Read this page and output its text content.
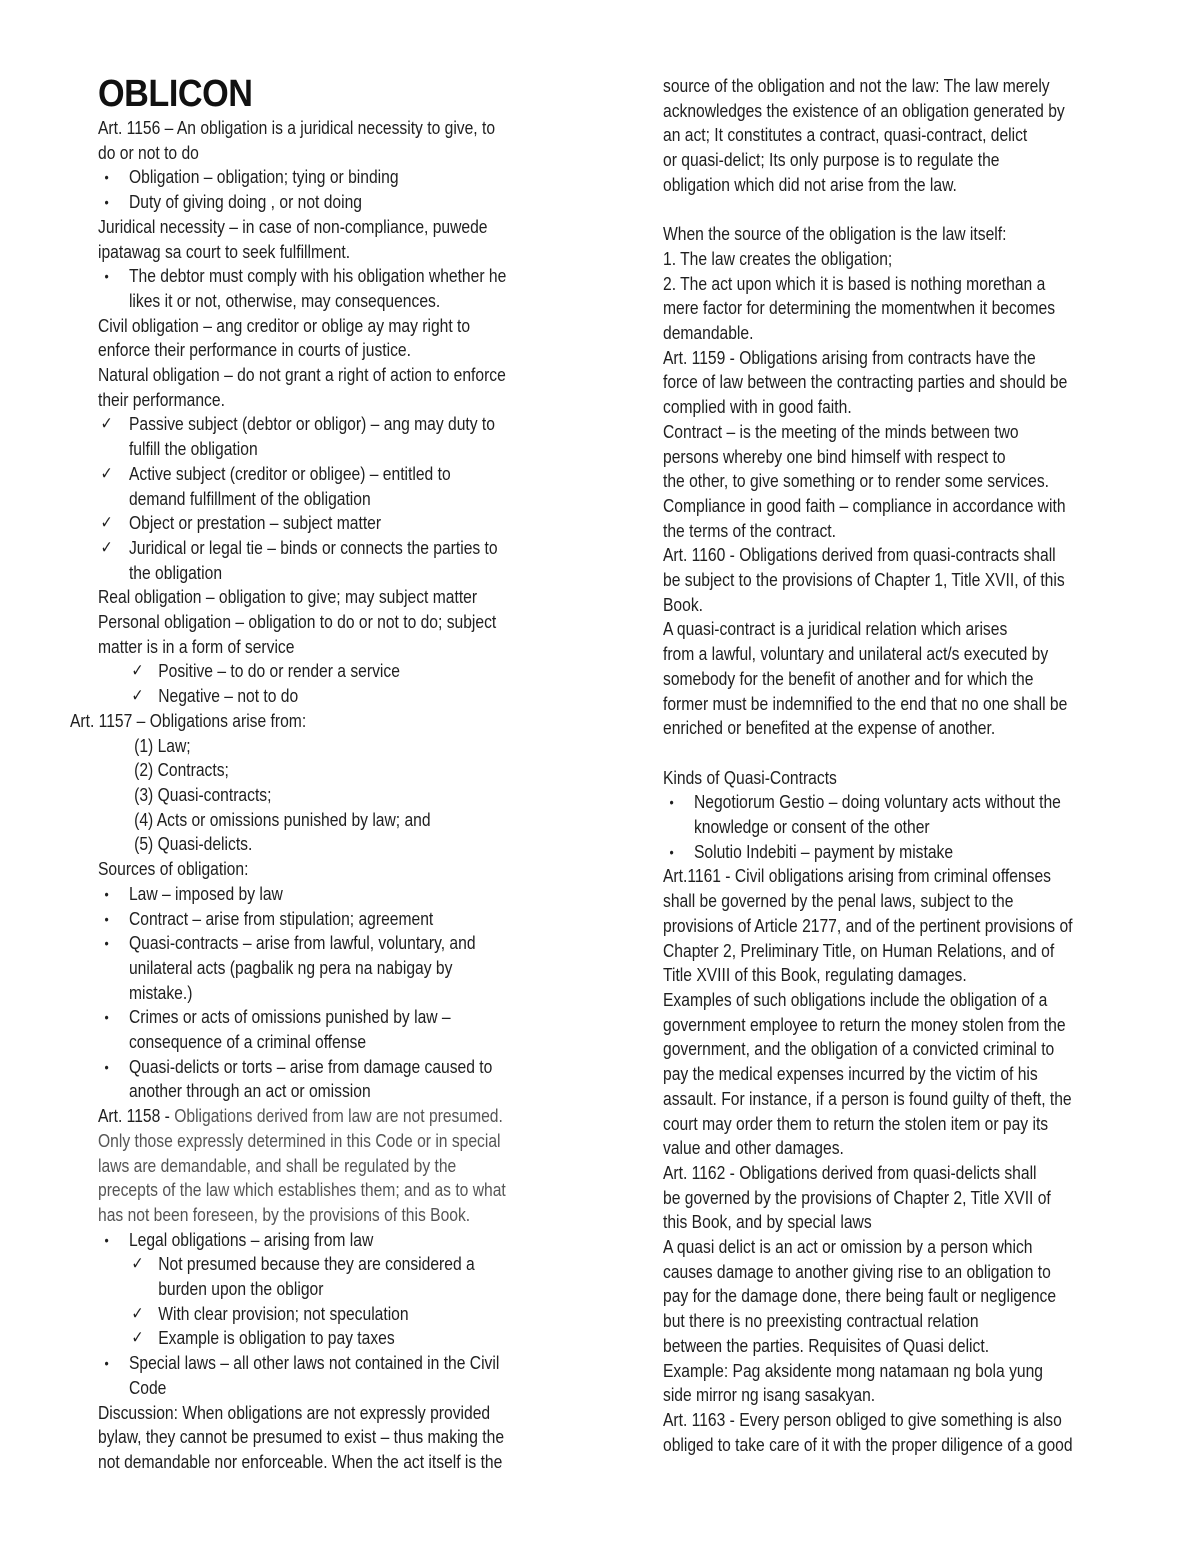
OBLICON
Art. 1156 – An obligation is a juridical necessity to give, to
do or not to do
•	Obligation – obligation; tying or binding
•	Duty of giving doing , or not doing
Juridical necessity – in case of non-compliance, puwede
ipatawag sa court to seek fulfillment.
•	The debtor must comply with his obligation whether he
likes it or not, otherwise, may consequences.
Civil obligation – ang creditor or oblige ay may right to
enforce their performance in courts of justice.
Natural obligation – do not grant a right of action to enforce
their performance.
✓ Passive subject (debtor or obligor) – ang may duty to
fulfill the obligation
✓ Active subject (creditor or obligee) – entitled to
demand fulfillment of the obligation
✓ Object or prestation – subject matter
✓ Juridical or legal tie – binds or connects the parties to
the obligation
Real obligation – obligation to give; may subject matter
Personal obligation – obligation to do or not to do; subject
matter is in a form of service
✓ Positive – to do or render a service
✓ Negative – not to do
Art. 1157 – Obligations arise from:
(1) Law;
(2) Contracts;
(3) Quasi-contracts;
(4) Acts or omissions punished by law; and
(5) Quasi-delicts.
Sources of obligation:
•	Law – imposed by law
•	Contract – arise from stipulation; agreement
•	Quasi-contracts – arise from lawful, voluntary, and
unilateral acts (pagbalik ng pera na nabigay by
mistake.)
•	Crimes or acts of omissions punished by law –
consequence of a criminal offense
•	Quasi-delicts or torts – arise from damage caused to
another through an act or omission
Art. 1158 - Obligations derived from law are not presumed.
Only those expressly determined in this Code or in special
laws are demandable, and shall be regulated by the
precepts of the law which establishes them; and as to what
has not been foreseen, by the provisions of this Book.
•	Legal obligations – arising from law
✓ Not presumed because they are considered a
burden upon the obligor
✓ With clear provision; not speculation
✓ Example is obligation to pay taxes
•	Special laws – all other laws not contained in the Civil
Code
Discussion: When obligations are not expressly provided
bylaw, they cannot be presumed to exist – thus making the
not demandable nor enforceable. When the act itself is the
source of the obligation and not the law: The law merely
acknowledges the existence of an obligation generated by
an act; It constitutes a contract, quasi-contract, delict
or quasi-delict; Its only purpose is to regulate the
obligation which did not arise from the law.
When the source of the obligation is the law itself:
1. The law creates the obligation;
2. The act upon which it is based is nothing morethan a
mere factor for determining the momentwhen it becomes
demandable.
Art. 1159 - Obligations arising from contracts have the
force of law between the contracting parties and should be
complied with in good faith.
Contract – is the meeting of the minds between two
persons whereby one bind himself with respect to
the other, to give something or to render some services.
Compliance in good faith – compliance in accordance with
the terms of the contract.
Art. 1160 - Obligations derived from quasi-contracts shall
be subject to the provisions of Chapter 1, Title XVII, of this
Book.
A quasi-contract is a juridical relation which arises
from a lawful, voluntary and unilateral act/s executed by
somebody for the benefit of another and for which the
former must be indemnified to the end that no one shall be
enriched or benefited at the expense of another.
Kinds of Quasi-Contracts
•	Negotiorum Gestio – doing voluntary acts without the
knowledge or consent of the other
•	Solutio Indebiti – payment by mistake
Art.1161 - Civil obligations arising from criminal offenses
shall be governed by the penal laws, subject to the
provisions of Article 2177, and of the pertinent provisions of
Chapter 2, Preliminary Title, on Human Relations, and of
Title XVIII of this Book, regulating damages.
Examples of such obligations include the obligation of a
government employee to return the money stolen from the
government, and the obligation of a convicted criminal to
pay the medical expenses incurred by the victim of his
assault. For instance, if a person is found guilty of theft, the
court may order them to return the stolen item or pay its
value and other damages.
Art. 1162 - Obligations derived from quasi-delicts shall
be governed by the provisions of Chapter 2, Title XVII of
this Book, and by special laws
A quasi delict is an act or omission by a person which
causes damage to another giving rise to an obligation to
pay for the damage done, there being fault or negligence
but there is no preexisting contractual relation
between the parties. Requisites of Quasi delict.
Example: Pag aksidente mong natamaan ng bola yung
side mirror ng isang sasakyan.
Art. 1163 - Every person obliged to give something is also
obliged to take care of it with the proper diligence of a good
